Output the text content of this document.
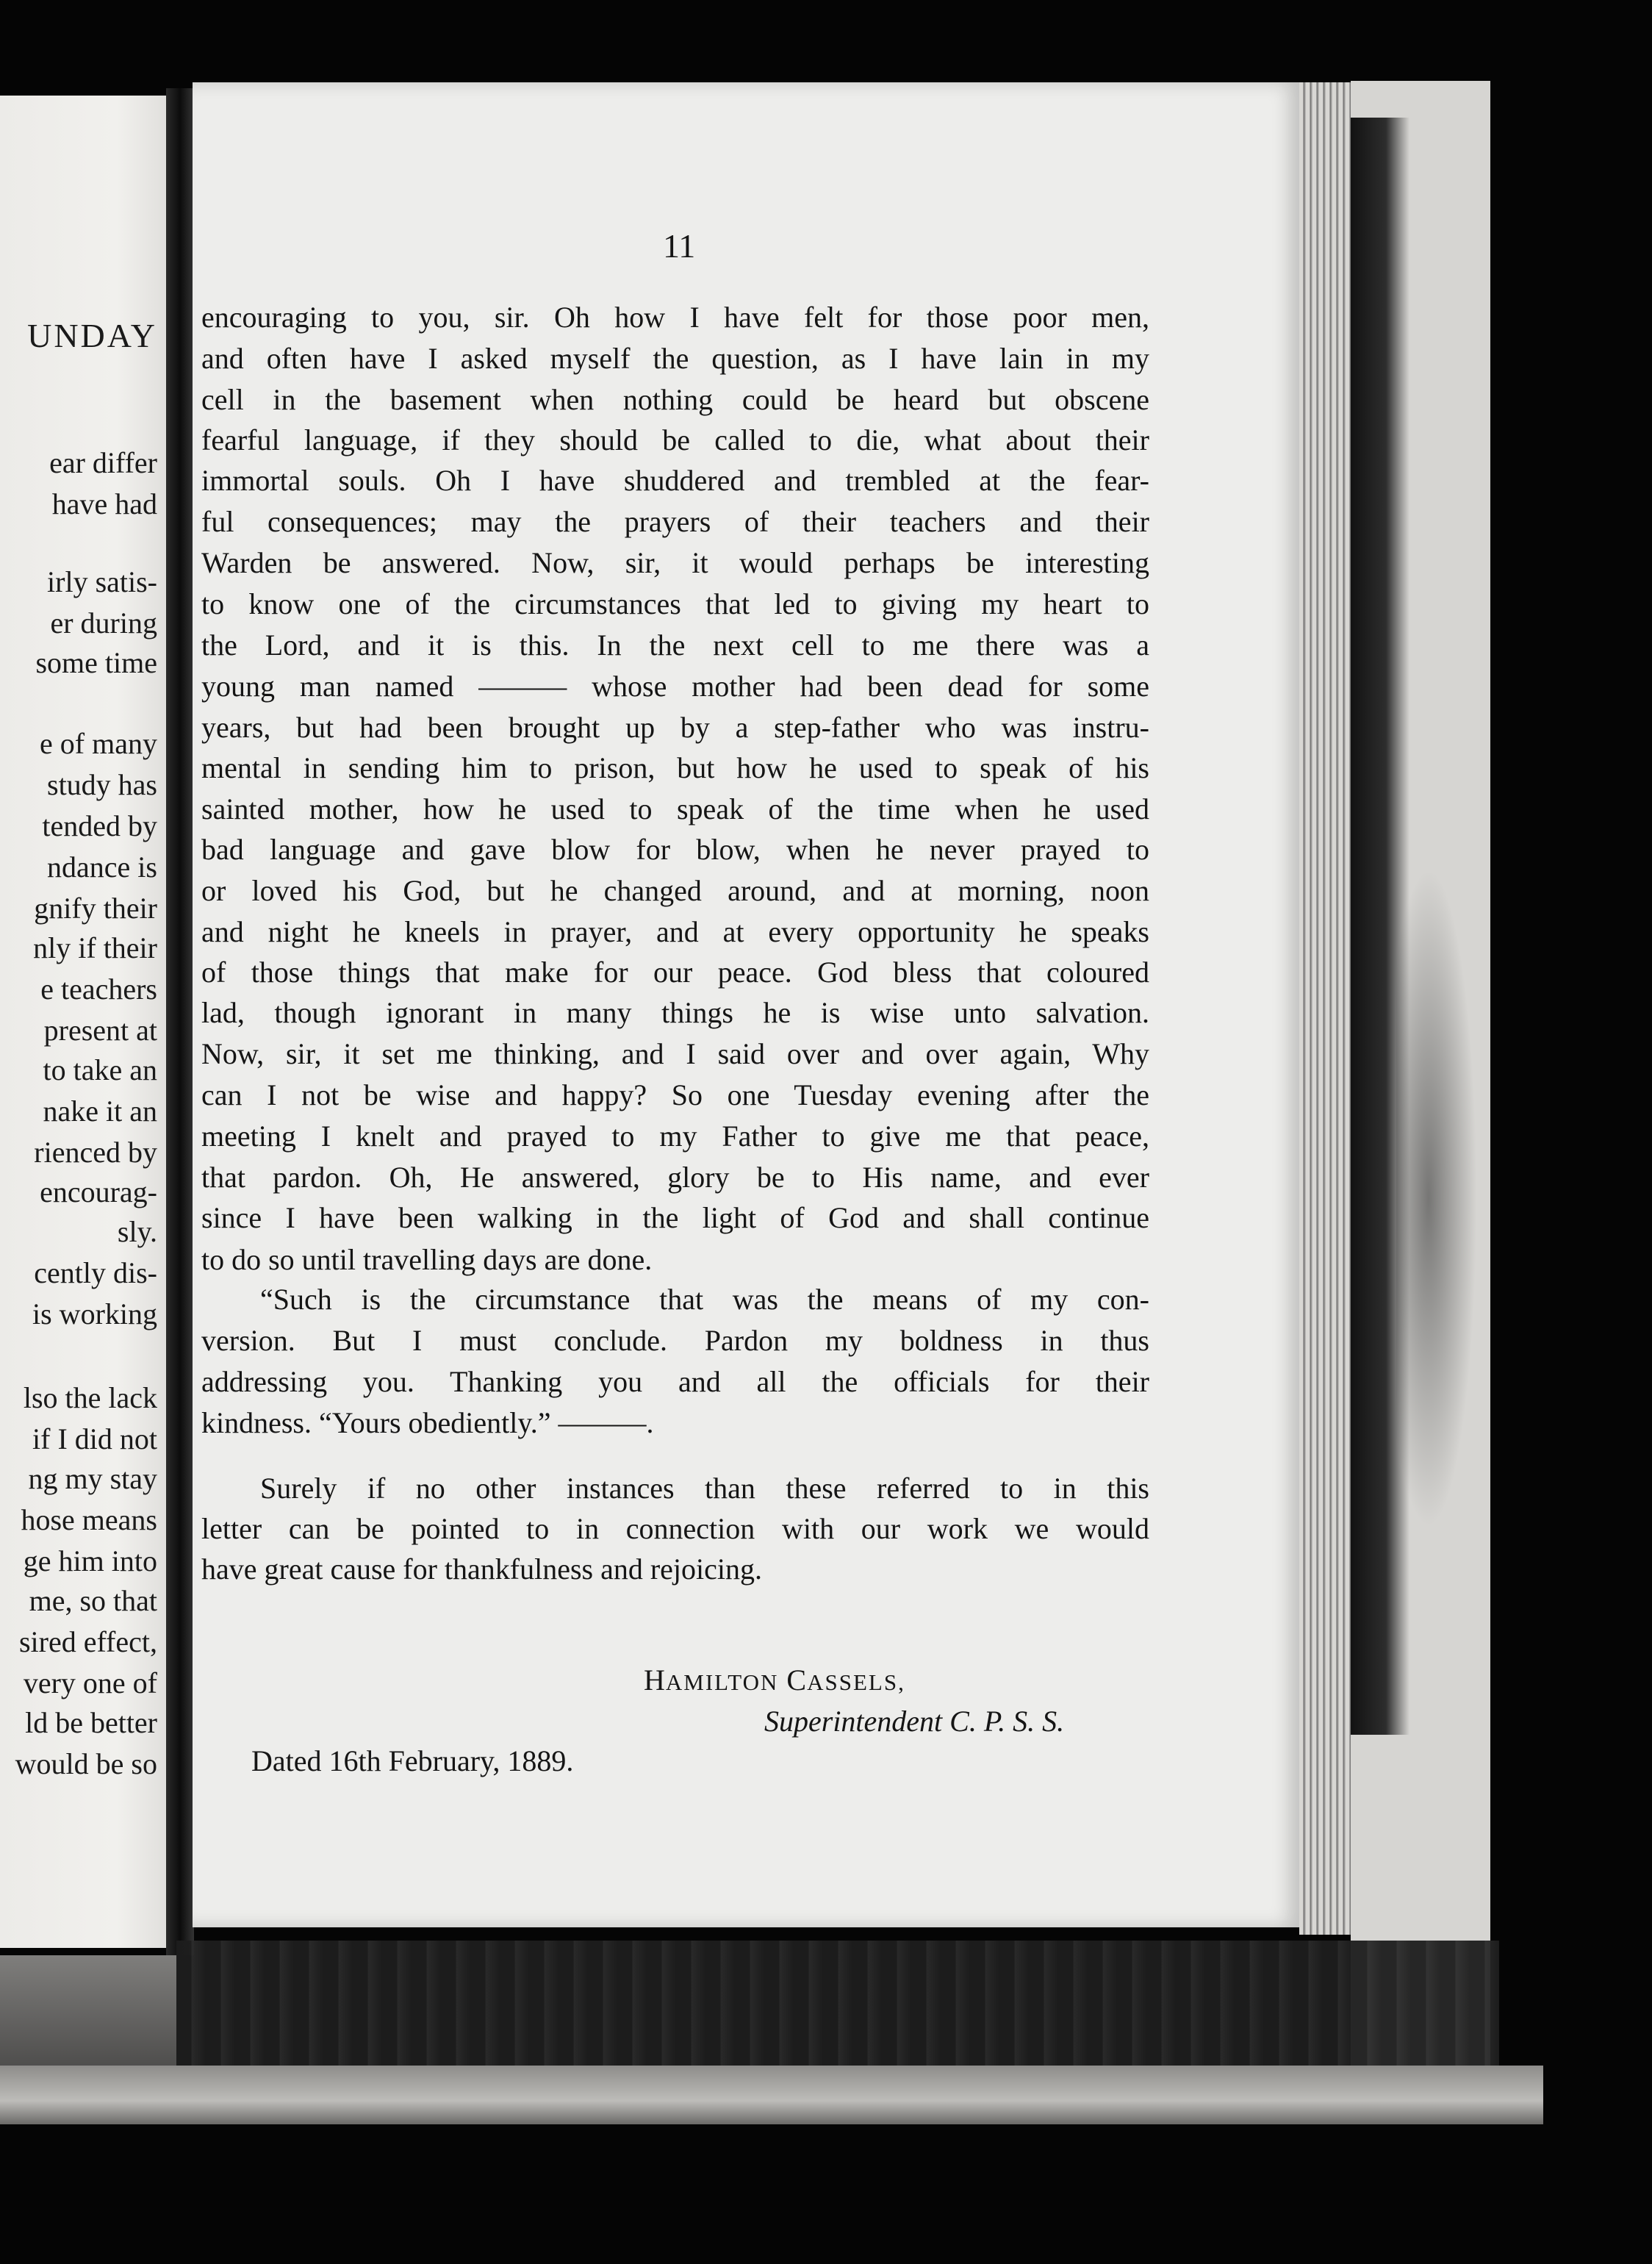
UNDAY
ear differ
have had
irly satis-
er during
some time
e of many
study has
tended by
ndance is
gnify their
nly if their
e teachers
present at
to take an
nake it an
rienced by
encourag-
sly.
cently dis-
is working
lso the lack
if I did not
ng my stay
hose means
ge him into
me, so that
sired effect,
very one of
ld be better
would be so
11
encouraging to you, sir. Oh how I have felt for those poor men,
and often have I asked myself the question, as I have lain in my
cell in the basement when nothing could be heard but obscene
fearful language, if they should be called to die, what about their
immortal souls. Oh I have shuddered and trembled at the fear-
ful consequences; may the prayers of their teachers and their
Warden be answered. Now, sir, it would perhaps be interesting
to know one of the circumstances that led to giving my heart to
the Lord, and it is this. In the next cell to me there was a
young man named ——— whose mother had been dead for some
years, but had been brought up by a step-father who was instru-
mental in sending him to prison, but how he used to speak of his
sainted mother, how he used to speak of the time when he used
bad language and gave blow for blow, when he never prayed to
or loved his God, but he changed around, and at morning, noon
and night he kneels in prayer, and at every opportunity he speaks
of those things that make for our peace. God bless that coloured
lad, though ignorant in many things he is wise unto salvation.
Now, sir, it set me thinking, and I said over and over again, Why
can I not be wise and happy? So one Tuesday evening after the
meeting I knelt and prayed to my Father to give me that peace,
that pardon. Oh, He answered, glory be to His name, and ever
since I have been walking in the light of God and shall continue
to do so until travelling days are done.
“Such is the circumstance that was the means of my con-
version. But I must conclude. Pardon my boldness in thus
addressing you. Thanking you and all the officials for their
kindness. “Yours obediently.” ———.
Surely if no other instances than these referred to in this
letter can be pointed to in connection with our work we would
have great cause for thankfulness and rejoicing.
HAMILTON CASSELS,
Superintendent C. P. S. S.
Dated 16th February, 1889.
